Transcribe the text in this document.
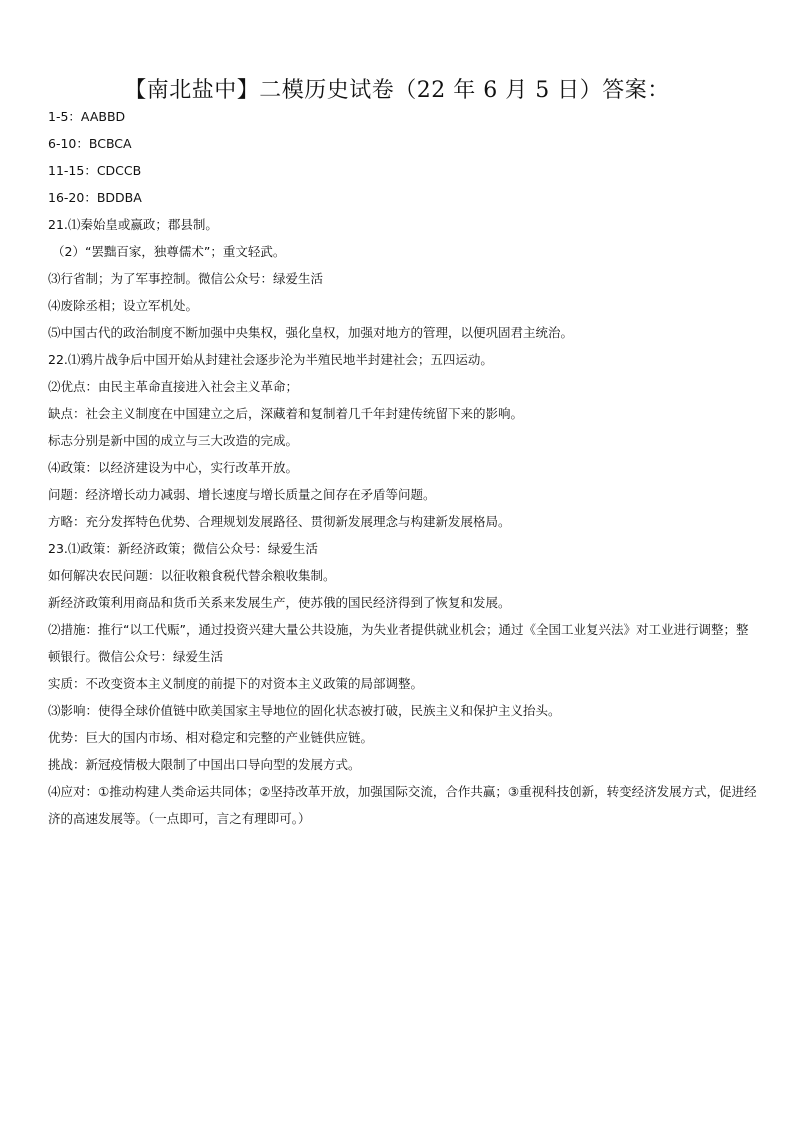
【南北盐中】二模历史试卷（22 年 6 月 5 日）答案：
1-5：AABBD
6-10：BCBCA
11-15：CDCCB
16-20：BDDBA
21.⑴秦始皇或嬴政；郡县制。
（2）“罢黜百家，独尊儒术”；重文轻武。
⑶行省制；为了军事控制。微信公众号：绿爱生活
⑷废除丞相；设立军机处。
⑸中国古代的政治制度不断加强中央集权，强化皇权，加强对地方的管理，以便巩固君主统治。
22.⑴鸦片战争后中国开始从封建社会逐步沦为半殖民地半封建社会；五四运动。
⑵优点：由民主革命直接进入社会主义革命；
缺点：社会主义制度在中国建立之后，深藏着和复制着几千年封建传统留下来的影响。
标志分别是新中国的成立与三大改造的完成。
⑷政策：以经济建设为中心，实行改革开放。
问题：经济增长动力减弱、增长速度与增长质量之间存在矛盾等问题。
方略：充分发挥特色优势、合理规划发展路径、贯彻新发展理念与构建新发展格局。
23.⑴政策：新经济政策；微信公众号：绿爱生活
如何解决农民问题：以征收粮食税代替余粮收集制。
新经济政策利用商品和货币关系来发展生产，使苏俄的国民经济得到了恢复和发展。
⑵措施：推行“以工代赈”，通过投资兴建大量公共设施，为失业者提供就业机会；通过《全国工业复兴法》对工业进行调整；整顿银行。微信公众号：绿爱生活
实质：不改变资本主义制度的前提下的对资本主义政策的局部调整。
⑶影响：使得全球价值链中欧美国家主导地位的固化状态被打破，民族主义和保护主义抬头。
优势：巨大的国内市场、相对稳定和完整的产业链供应链。
挑战：新冠疫情极大限制了中国出口导向型的发展方式。
⑷应对：①推动构建人类命运共同体；②坚持改革开放，加强国际交流，合作共赢；③重视科技创新，转变经济发展方式，促进经济的高速发展等。（一点即可，言之有理即可。）
